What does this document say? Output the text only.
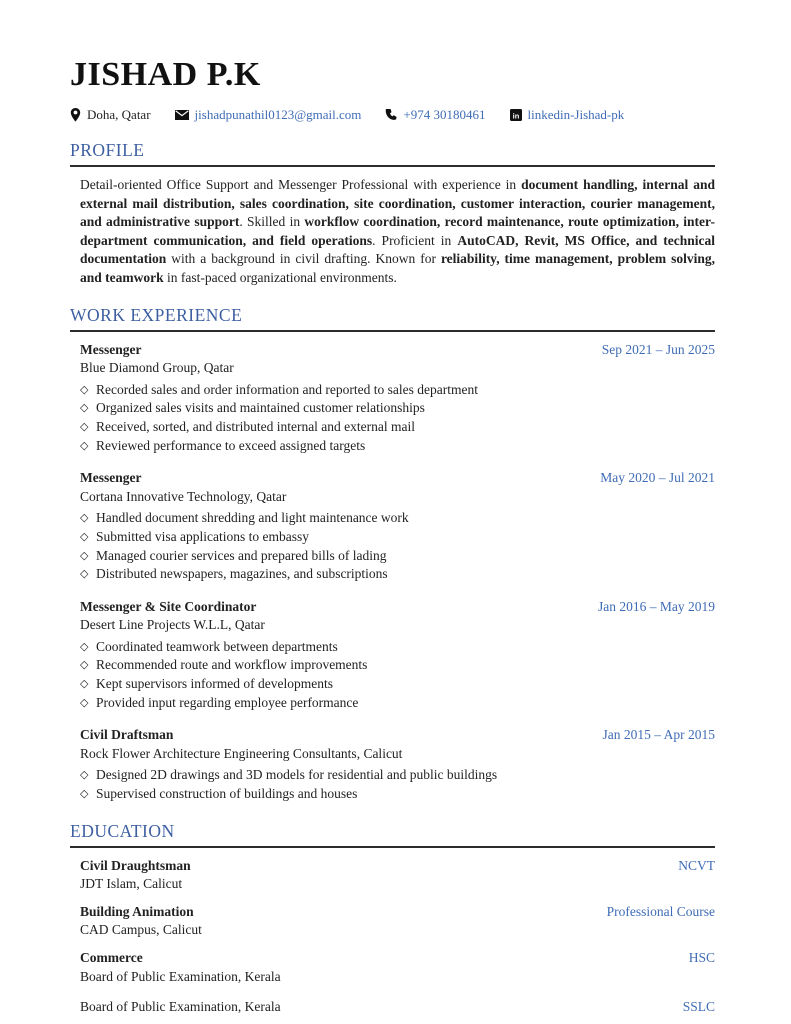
JISHAD P.K
Doha, Qatar	jishadpunathil0123@gmail.com	+974 30180461	in linkedin-Jishad-pk
PROFILE

Detail-oriented Office Support and Messenger Professional with experience in document handling, internal and external mail distribution, sales coordination, site coordination, customer interaction, courier management, and administrative support. Skilled in workflow coordination, record maintenance, route optimization, inter-department communication, and field operations. Proficient in AutoCAD, Revit, MS Office, and technical documentation with a background in civil drafting. Known for reliability, time management, problem solving, and teamwork in fast-paced organizational environments.

WORK EXPERIENCE
Messenger	Sep 2021 – Jun 2025
Blue Diamond Group, Qatar
◇ Recorded sales and order information and reported to sales department
◇ Organized sales visits and maintained customer relationships
◇ Received, sorted, and distributed internal and external mail
◇ Reviewed performance to exceed assigned targets
Messenger	May 2020 – Jul 2021
Cortana Innovative Technology, Qatar
◇ Handled document shredding and light maintenance work
◇ Submitted visa applications to embassy
◇ Managed courier services and prepared bills of lading
◇ Distributed newspapers, magazines, and subscriptions
Messenger & Site Coordinator	Jan 2016 – May 2019
Desert Line Projects W.L.L, Qatar
◇ Coordinated teamwork between departments
◇ Recommended route and workflow improvements
◇ Kept supervisors informed of developments
◇ Provided input regarding employee performance
Civil Draftsman	Jan 2015 – Apr 2015
Rock Flower Architecture Engineering Consultants, Calicut
◇ Designed 2D drawings and 3D models for residential and public buildings
◇ Supervised construction of buildings and houses
EDUCATION
Civil Draughtsman	NCVT
JDT Islam, Calicut
Building Animation	Professional Course
CAD Campus, Calicut
Commerce	HSC
Board of Public Examination, Kerala
Board of Public Examination, Kerala	SSLC
